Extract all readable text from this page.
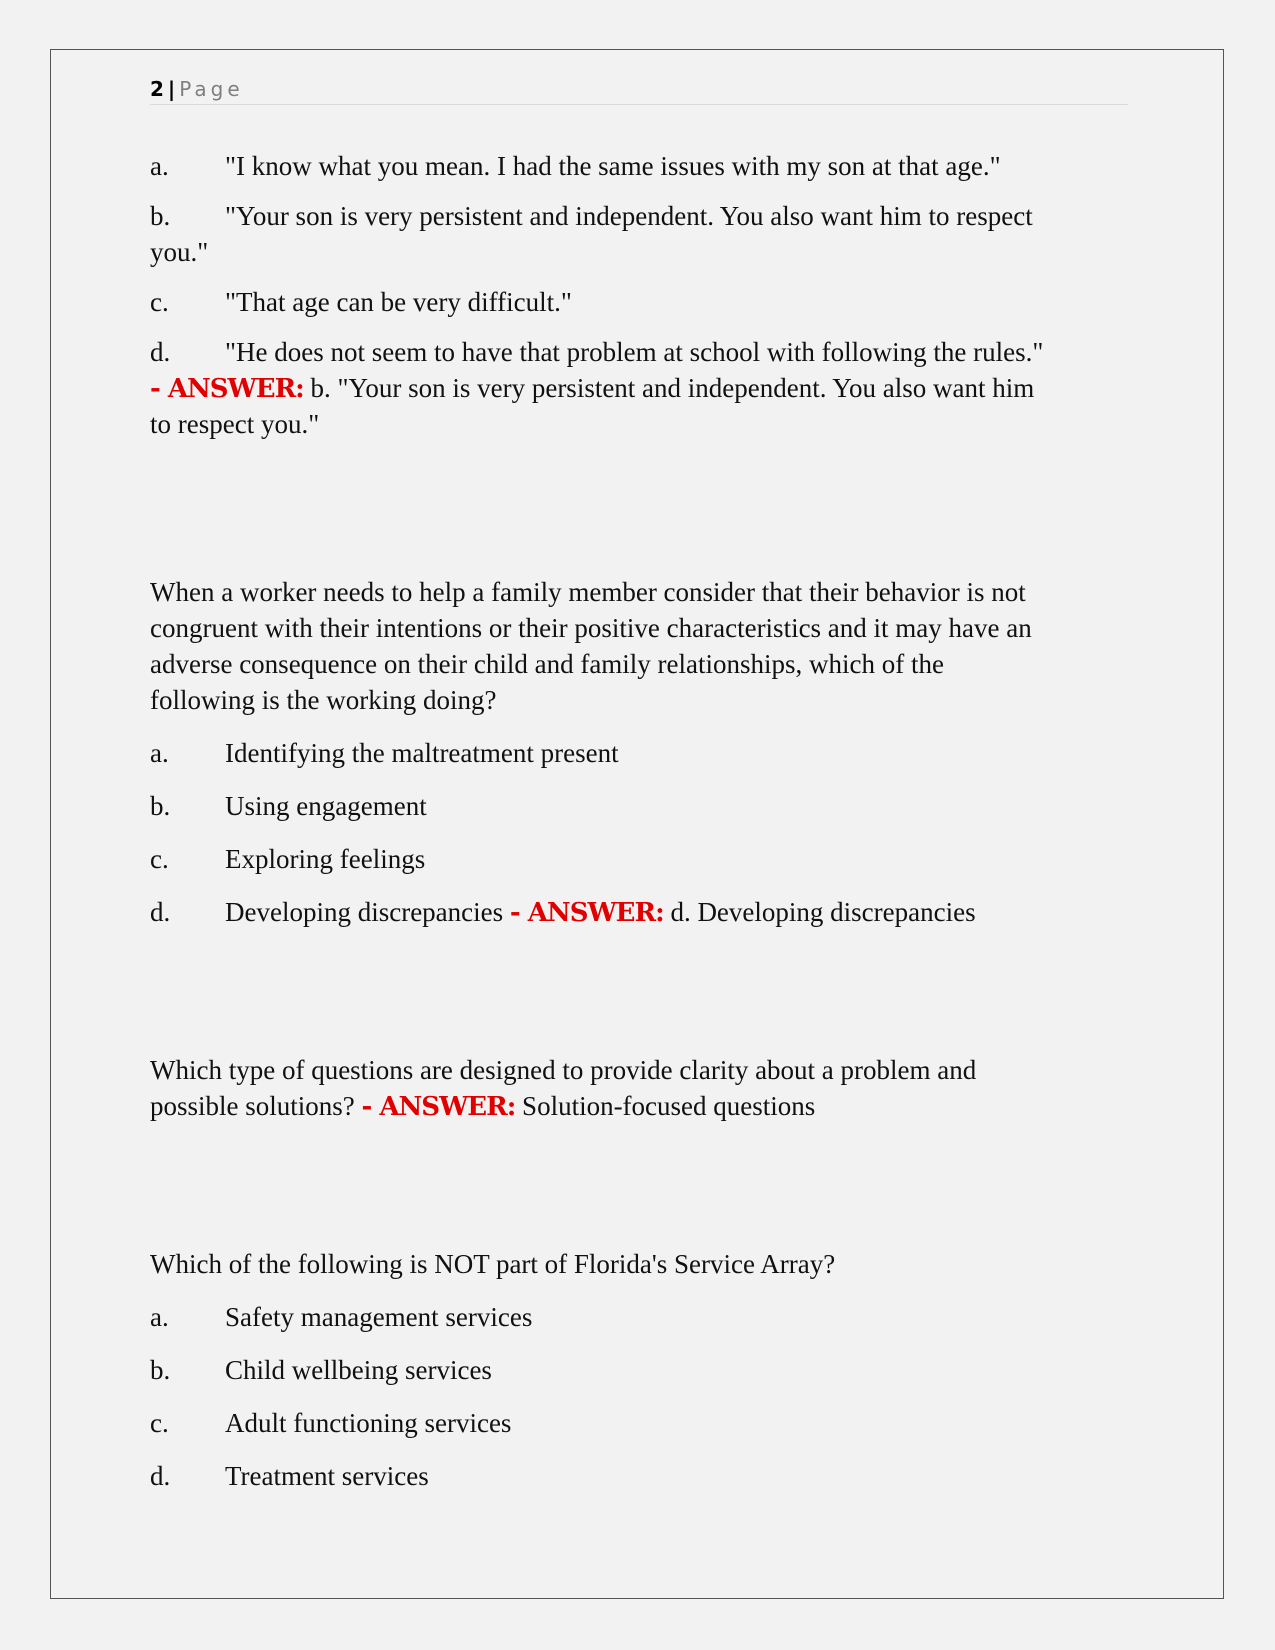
2 | Page
a. "I know what you mean. I had the same issues with my son at that age."
b. "Your son is very persistent and independent. You also want him to respect
you."
c. "That age can be very difficult."
d. "He does not seem to have that problem at school with following the rules."
- ANSWER: b. "Your son is very persistent and independent. You also want him
to respect you."
When a worker needs to help a family member consider that their behavior is not
congruent with their intentions or their positive characteristics and it may have an
adverse consequence on their child and family relationships, which of the
following is the working doing?
a. Identifying the maltreatment present
b. Using engagement
c. Exploring feelings
d. Developing discrepancies - ANSWER: d. Developing discrepancies
Which type of questions are designed to provide clarity about a problem and
possible solutions? - ANSWER: Solution-focused questions
Which of the following is NOT part of Florida's Service Array?
a. Safety management services
b. Child wellbeing services
c. Adult functioning services
d. Treatment services
